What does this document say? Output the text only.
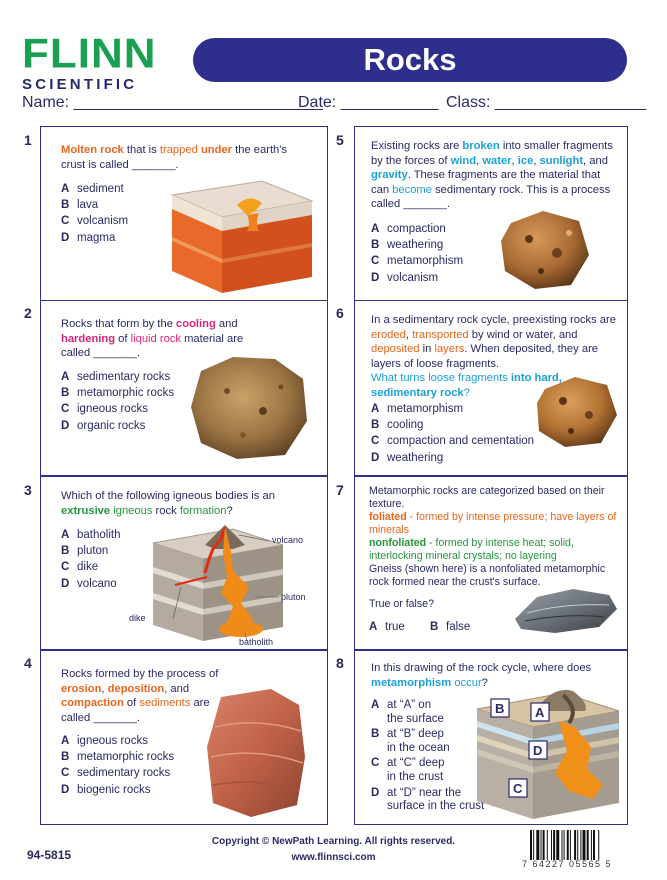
FLINN
SCIENTIFIC
Rocks
Name: ____________________________
Date: ___________ Class: _________________
1
2
3
4
5
6
7
8
Molten rock that is trapped under the earth's crust is called _______.
A sediment
B lava
C volcanism
D magma
Rocks that form by the cooling and hardening of liquid rock material are called _______.
A sedimentary rocks
B metamorphic rocks
C igneous rocks
D organic rocks
Which of the following igneous bodies is an extrusive igneous rock formation?
A batholith
B pluton
C dike
D volcano
volcano
dike
pluton
batholith
Rocks formed by the process of erosion, deposition, and compaction of sediments are called _______.
A igneous rocks
B metamorphic rocks
C sedimentary rocks
D biogenic rocks
Existing rocks are broken into smaller fragments by the forces of wind, water, ice, sunlight, and gravity. These fragments are the material that can become sedimentary rock. This is a process called _______.
A compaction
B weathering
C metamorphism
D volcanism
In a sedimentary rock cycle, preexisting rocks are eroded, transported by wind or water, and deposited in layers. When deposited, they are layers of loose fragments.
What turns loose fragments into hard, sedimentary rock?
A metamorphism
B cooling
C compaction and cementation
D weathering
Metamorphic rocks are categorized based on their texture.
foliated - formed by intense pressure; have layers of minerals
nonfoliated - formed by intense heat; solid, interlocking mineral crystals; no layering
Gneiss (shown here) is a nonfoliated metamorphic rock formed near the crust's surface.
True or false?
A true B false
In this drawing of the rock cycle, where does metamorphism occur?
A at “A” on
the surface
B at “B” deep
in the ocean
C at “C” deep
in the crust
D at “D” near the
surface in the crust
B A
D
C
Copyright © NewPath Learning. All rights reserved.
www.flinnsci.com
94-5815
7 64227 05565 5
